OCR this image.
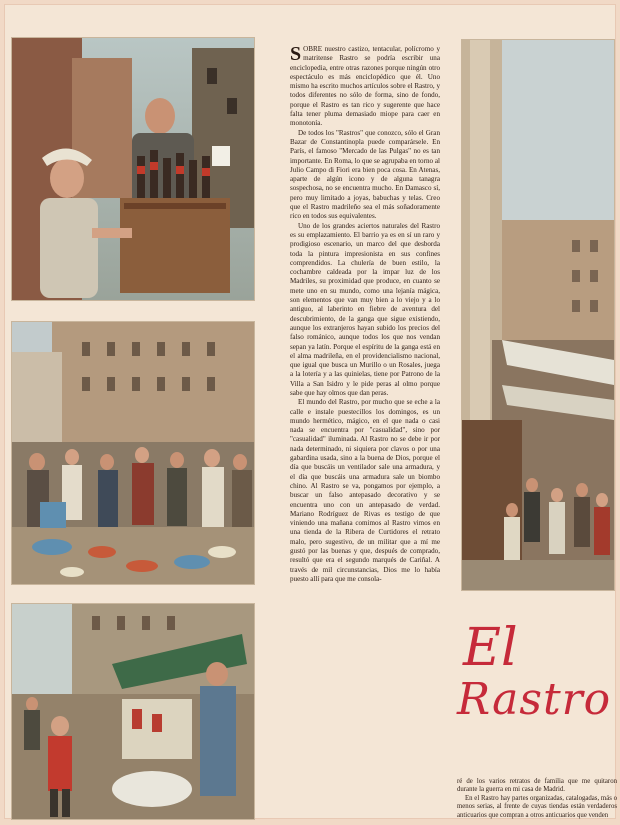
SOBRE nuestro castizo, tentacular, polícromo y matritense Rastro se podría escribir una enciclopedia, entre otras razones porque ningún otro espectáculo es más enciclopédico que él. Uno mismo ha escrito muchos artículos sobre el Rastro, y todos diferentes no sólo de forma, sino de fondo, porque el Rastro es tan rico y sugerente que hace falta tener pluma demasiado miope para caer en monotonía.

De todos los "Rastros" que conozco, sólo el Gran Bazar de Constantinopla puede comparársele. En París, el famoso "Mercado de las Pulgas" no es tan importante. En Roma, lo que se agrupaba en torno al Julio Campo di Fiori era bien poca cosa. En Atenas, aparte de algún icono y de alguna tanagra sospechosa, no se encuentra mucho. En Damasco sí, pero muy limitado a joyas, babuchas y telas. Creo que el Rastro madrileño sea el más soñadoramente rico en todos sus equivalentes.

Uno de los grandes aciertos naturales del Rastro es su emplazamiento. El barrio ya es en sí un raro y prodigioso escenario, un marco del que desborda toda la pintura impresionista en sus confines comprendidos. La chulería de buen estilo, la cochambre caldeada por la impar luz de los Madriles, su proximidad que produce, en cuanto se mete uno en su mundo, como una lejanía mágica, son elementos que van muy bien a lo viejo y a lo antiguo, al laberinto en fiebre de aventura del descubrimiento, de la ganga que sigue existiendo, aunque los extranjeros hayan subido los precios del falso románico, aunque todos los que nos vendan sepan ya latín. Porque el espíritu de la ganga está en el alma madrileña, en el providencialismo nacional, que igual que busca un Murillo o un Rosales, juega a la lotería y a las quinielas, tiene por Patrono de la Villa a San Isidro y le pide peras al olmo porque sabe que hay olmos que dan peras.

El mundo del Rastro, por mucho que se eche a la calle e instale puestecillos los domingos, es un mundo hermético, mágico, en el que nada o casi nada se encuentra por "casualidad", sino por "casualidad" iluminada. Al Rastro no se debe ir por nada determinado, ni siquiera por clavos o por una gabardina usada, sino a la buena de Dios, porque el día que buscáis un ventilador sale una armadura, y el día que buscáis una armadura sale un biombo chino. Al Rastro se va, pongamos por ejemplo, a buscar un falso antepasado decorativo y se encuentra uno con un antepasado de verdad. Mariano Rodríguez de Rivas es testigo de que viniendo una mañana comimos al Rastro vimos en una tienda de la Ribera de Curtidores el retrato malo, pero sugestivo, de un militar que a mí me gustó por las buenas y que, después de comprado, resultó que era el segundo marqués de Cariñal. A través de mil circunstancias, Dios me lo había puesto allí para que me consola-

El
Rastro

ré de los varios retratos de familia que me quitaron durante la guerra en mi casa de Madrid.

En el Rastro hay partes organizadas, catalogadas, más o menos serias, al frente de cuyas tiendas están verdaderos anticuarios que compran a otros anticuarios que venden
